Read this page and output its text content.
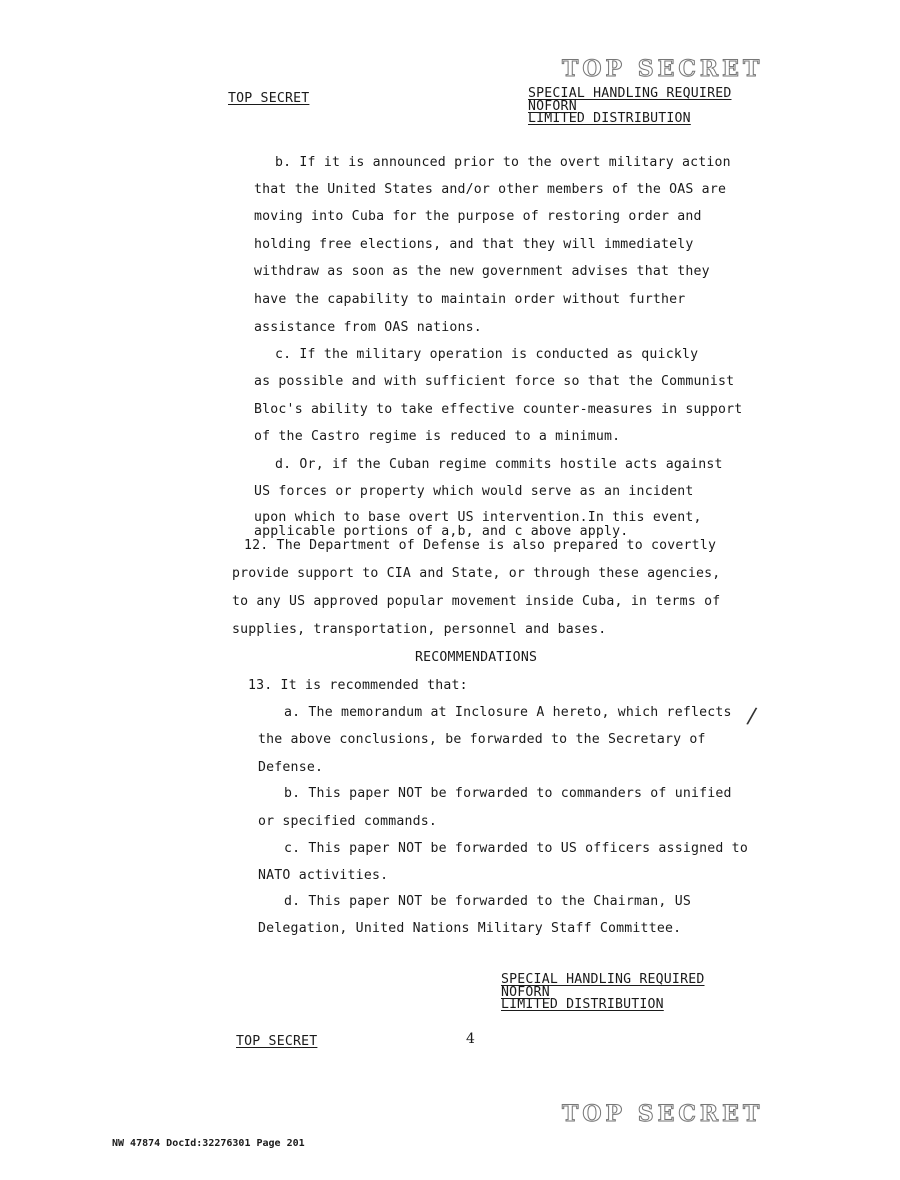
TOP SECRET
TOP SECRET	SPECIAL HANDLING REQUIRED
NOFORN
LIMITED DISTRIBUTION
b. If it is announced prior to the overt military action
that the United States and/or other members of the OAS are
moving into Cuba for the purpose of restoring order and
holding free elections, and that they will immediately
withdraw as soon as the new government advises that they
have the capability to maintain order without further
assistance from OAS nations.
c. If the military operation is conducted as quickly
as possible and with sufficient force so that the Communist
Bloc's ability to take effective counter-measures in support
of the Castro regime is reduced to a minimum.
d. Or, if the Cuban regime commits hostile acts against
US forces or property which would serve as an incident
upon which to base overt US intervention.In this event,
applicable portions of a,b, and c above apply.
12. The Department of Defense is also prepared to covertly
provide support to CIA and State, or through these agencies,
to any US approved popular movement inside Cuba, in terms of
supplies, transportation, personnel and bases.
RECOMMENDATIONS
13. It is recommended that:
a. The memorandum at Inclosure A hereto, which reflects
the above conclusions, be forwarded to the Secretary of
Defense.
b. This paper NOT be forwarded to commanders of unified
or specified commands.
c. This paper NOT be forwarded to US officers assigned to
NATO activities.
d. This paper NOT be forwarded to the Chairman, US
Delegation, United Nations Military Staff Committee.
/
SPECIAL HANDLING REQUIRED
NOFORN
LIMITED DISTRIBUTION
TOP SECRET	4
TOP SECRET
NW 47874 DocId:32276301 Page 201
